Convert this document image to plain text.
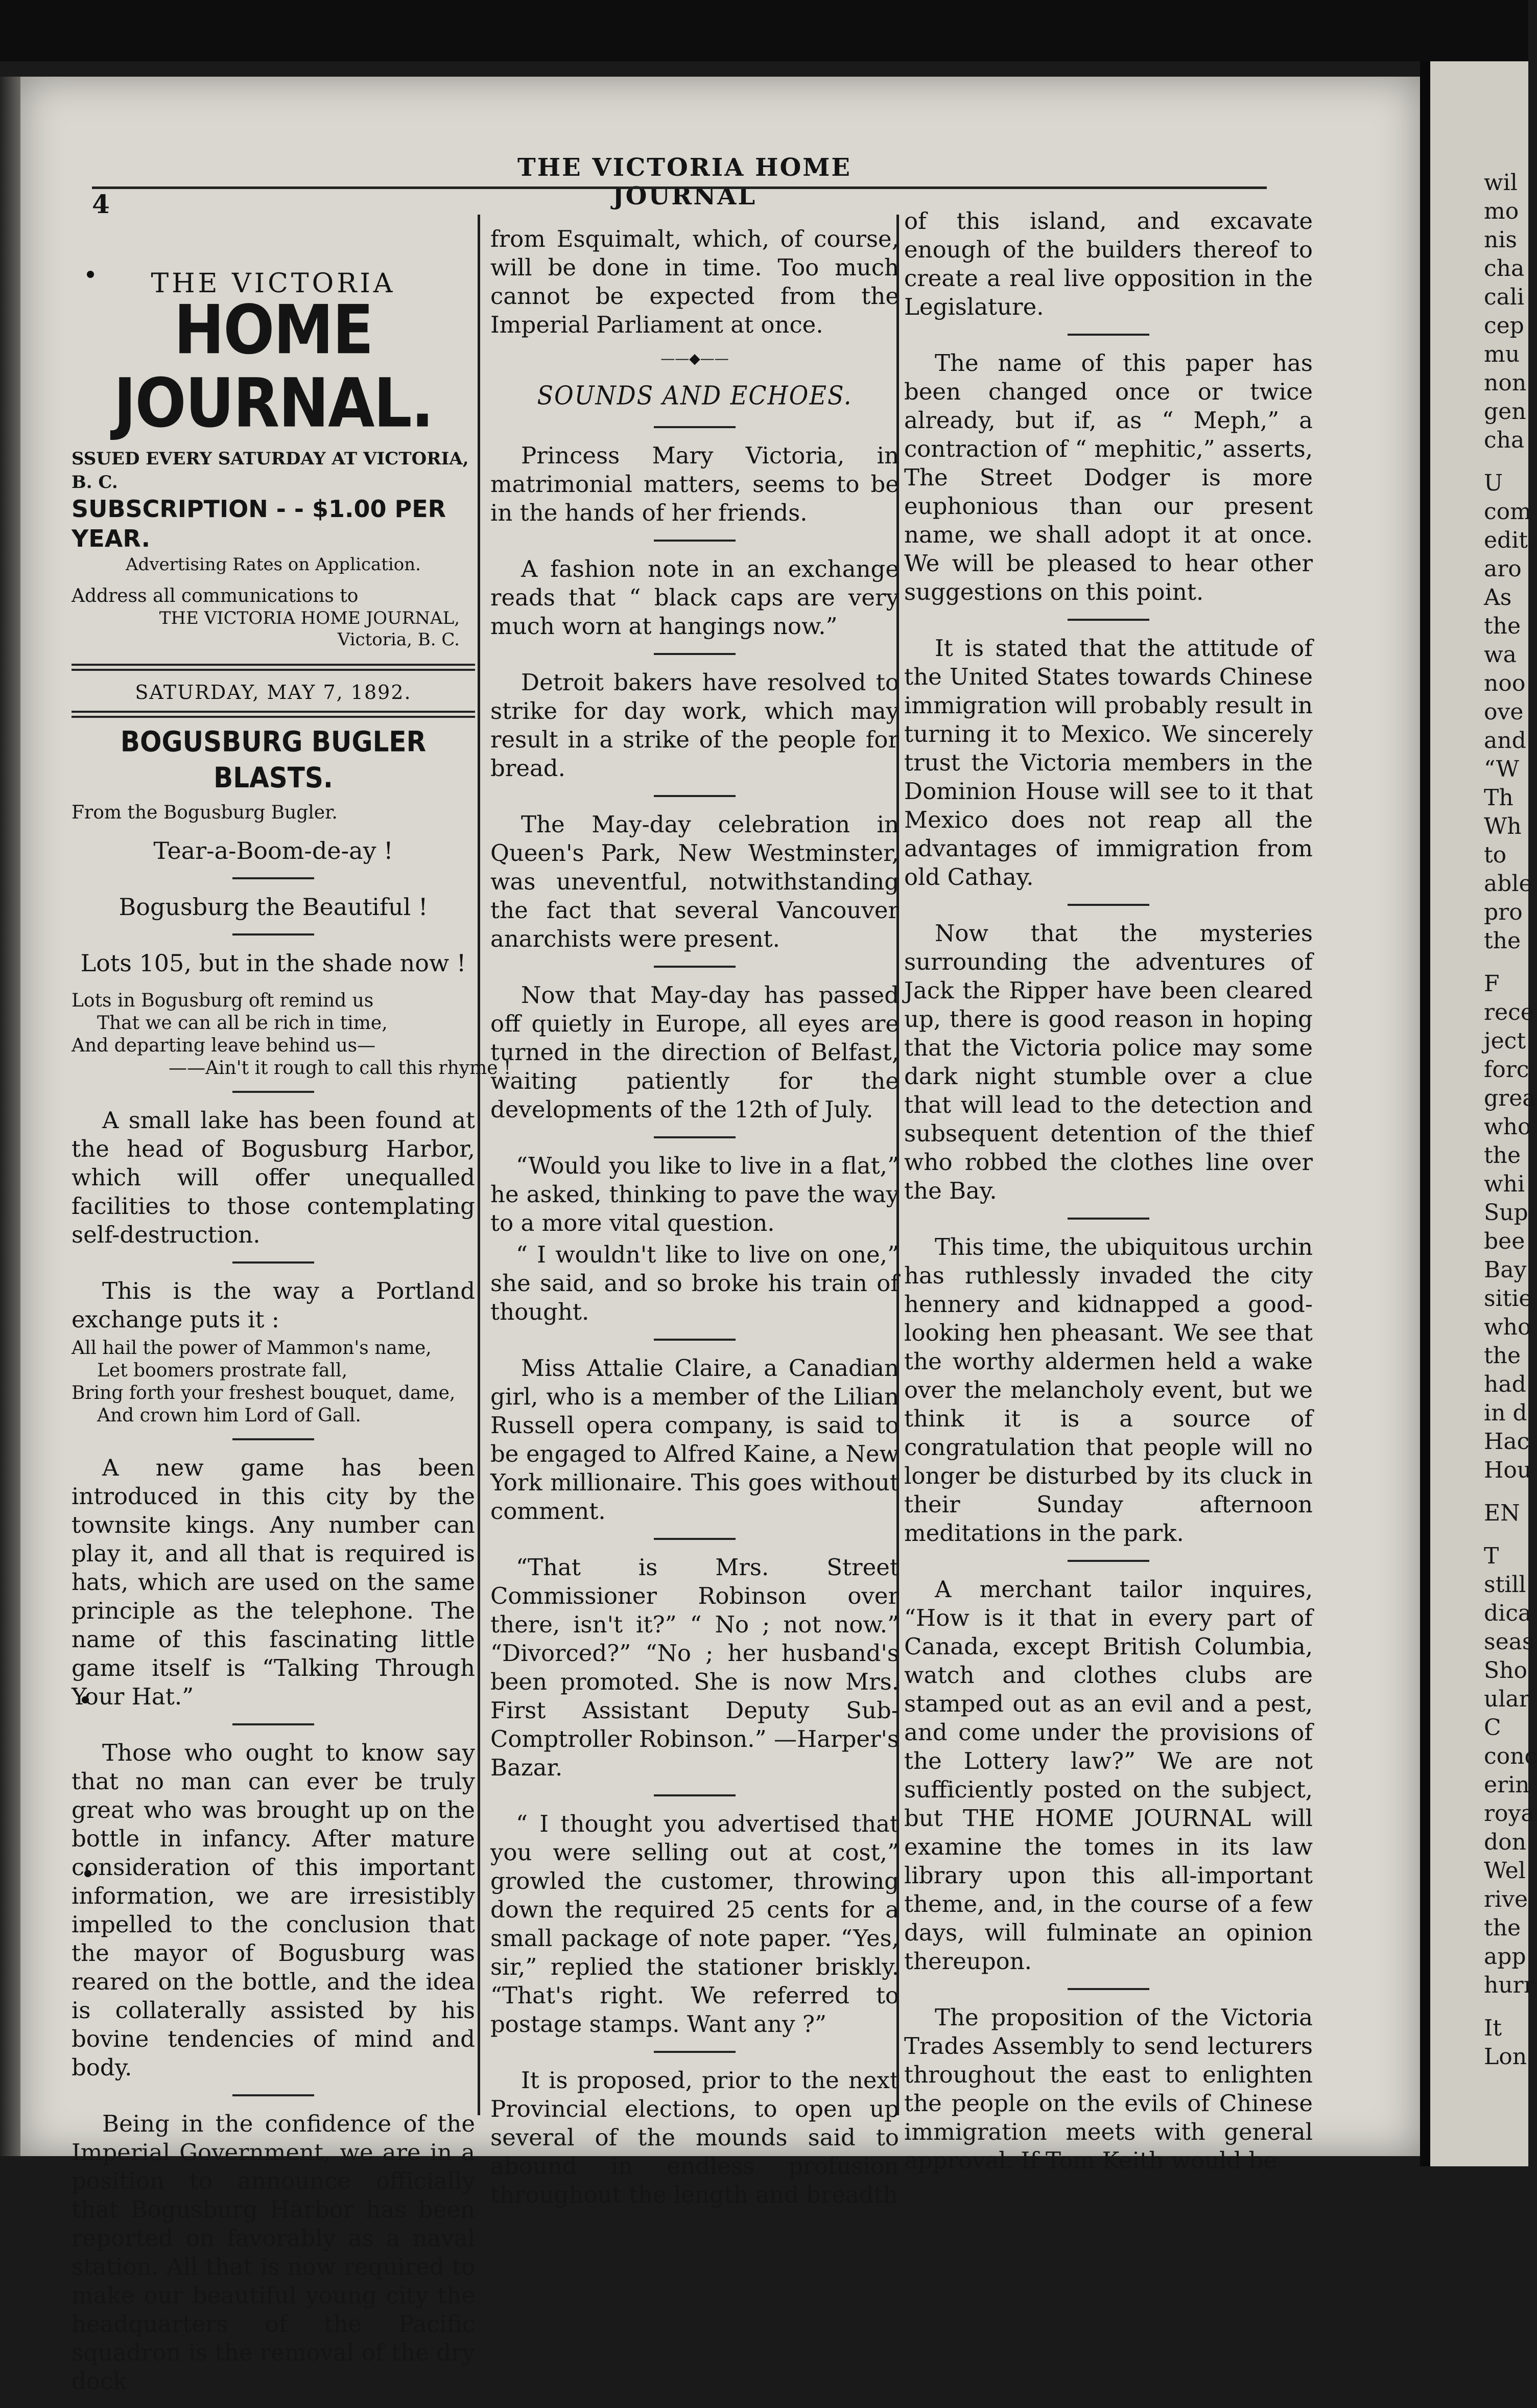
THE VICTORIA HOME JOURNAL
4
THE VICTORIA
HOME JOURNAL.
SSUED EVERY SATURDAY AT VICTORIA, B. C.
SUBSCRIPTION - - $1.00 PER YEAR.
Advertising Rates on Application.
Address all communications to
THE VICTORIA HOME JOURNAL,
Victoria, B. C.
SATURDAY, MAY 7, 1892.
BOGUSBURG BUGLER BLASTS.

From the Bogusburg Bugler.

Tear-a-Boom-de-ay !

Bogusburg the Beautiful !

Lots 105, but in the shade now !

Lots in Bogusburg oft remind us
That we can all be rich in time,
And departing leave behind us—
——Ain't it rough to call this rhyme !

A small lake has been found at the head of Bogusburg Harbor, which will offer unequalled facilities to those contemplating self-destruction.

This is the way a Portland exchange puts it :

All hail the power of Mammon's name,
Let boomers prostrate fall,
Bring forth your freshest bouquet, dame,
And crown him Lord of Gall.

A new game has been introduced in this city by the townsite kings. Any number can play it, and all that is required is hats, which are used on the same principle as the telephone. The name of this fascinating little game itself is “Talking Through Your Hat.”

Those who ought to know say that no man can ever be truly great who was brought up on the bottle in infancy. After mature consideration of this important information, we are irresistibly impelled to the conclusion that the mayor of Bogusburg was reared on the bottle, and the idea is collaterally assisted by his bovine tendencies of mind and body.

Being in the confidence of the Imperial Government, we are in a position to announce officially that Bogusburg Harbor has been reported on favorably as a naval station. All that is now required to make our beautiful young city the headquarters of the Pacific squadron is the removal of the dry dock

from Esquimalt, which, of course, will be done in time. Too much cannot be expected from the Imperial Parliament at once.

——◆——
SOUNDS AND ECHOES.

Princess Mary Victoria, in matrimonial matters, seems to be in the hands of her friends.

A fashion note in an exchange reads that “ black caps are very much worn at hangings now.”

Detroit bakers have resolved to strike for day work, which may result in a strike of the people for bread.

The May-day celebration in Queen's Park, New Westminster, was uneventful, notwithstanding the fact that several Vancouver anarchists were present.

Now that May-day has passed off quietly in Europe, all eyes are turned in the direction of Belfast, waiting patiently for the developments of the 12th of July.

“Would you like to live in a flat,” he asked, thinking to pave the way to a more vital question.

“ I wouldn't like to live on one,” she said, and so broke his train of thought.

Miss Attalie Claire, a Canadian girl, who is a member of the Lilian Russell opera company, is said to be engaged to Alfred Kaine, a New York millionaire. This goes without comment.

“That is Mrs. Street Commissioner Robinson over there, isn't it?” “ No ; not now.” “Divorced?” “No ; her husband's been promoted. She is now Mrs. First Assistant Deputy Sub-Comptroller Robinson.” —Harper's Bazar.

“ I thought you advertised that you were selling out at cost,” growled the customer, throwing down the required 25 cents for a small package of note paper. “Yes, sir,” replied the stationer briskly. “That's right. We referred to postage stamps. Want any ?”

It is proposed, prior to the next Provincial elections, to open up several of the mounds said to abound in endless profusion throughout the length and breadth

of this island, and excavate enough of the builders thereof to create a real live opposition in the Legislature.

The name of this paper has been changed once or twice already, but if, as “ Meph,” a contraction of “ mephitic,” asserts, The Street Dodger is more euphonious than our present name, we shall adopt it at once. We will be pleased to hear other suggestions on this point.

It is stated that the attitude of the United States towards Chinese immigration will probably result in turning it to Mexico. We sincerely trust the Victoria members in the Dominion House will see to it that Mexico does not reap all the advantages of immigration from old Cathay.

Now that the mysteries surrounding the adventures of Jack the Ripper have been cleared up, there is good reason in hoping that the Victoria police may some dark night stumble over a clue that will lead to the detection and subsequent detention of the thief who robbed the clothes line over the Bay.

This time, the ubiquitous urchin has ruthlessly invaded the city hennery and kidnapped a good-looking hen pheasant. We see that the worthy aldermen held a wake over the melancholy event, but we think it is a source of congratulation that people will no longer be disturbed by its cluck in their Sunday afternoon meditations in the park.

A merchant tailor inquires, “How is it that in every part of Canada, except British Columbia, watch and clothes clubs are stamped out as an evil and a pest, and come under the provisions of the Lottery law?” We are not sufficiently posted on the subject, but THE HOME JOURNAL will examine the tomes in its law library upon this all-important theme, and, in the course of a few days, will fulminate an opinion thereupon.

The proposition of the Victoria Trades Assembly to send lecturers throughout the east to enlighten the people on the evils of Chinese immigration meets with general approval. If Tom Keith would be

wil
mo
nis
cha
cali
cep
mu
non
gen
cha
U
com
edit
aro
As
the
wa
noo
ove
and
“W
Th
Wh
to
able
pro
the
F
rece
ject
forc
grea
who
the
whi
Sup
bee
Bay
sitie
who
the
had
in d
Hac
Hou
EN
T
still
dica
seas
Sho
ular
C
conc
erin
roya
don
Wel
rive
the
app
hurr
It
Lon
